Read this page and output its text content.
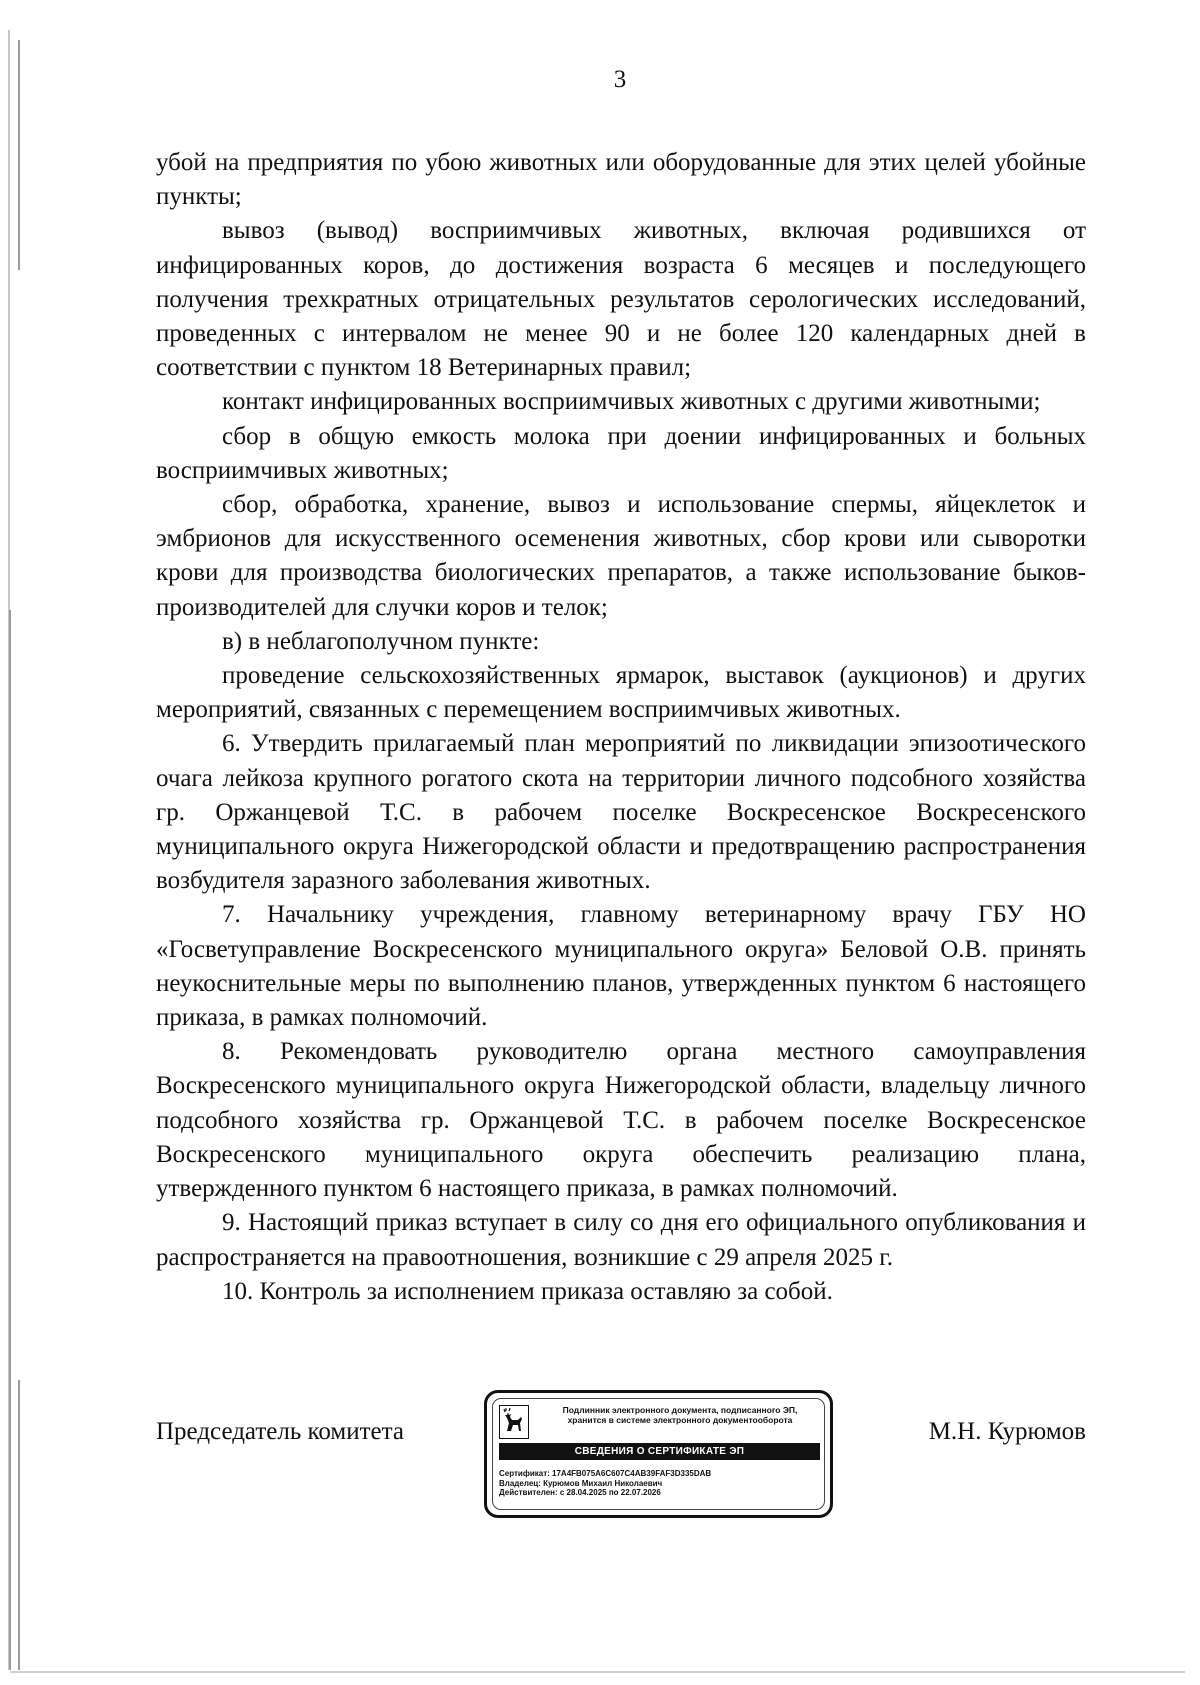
3

убой на предприятия по убою животных или оборудованные для этих целей убойные пункты;

вывоз (вывод) восприимчивых животных, включая родившихся от инфицированных коров, до достижения возраста 6 месяцев и последующего получения трехкратных отрицательных результатов серологических исследований, проведенных с интервалом не менее 90 и не более 120 календарных дней в соответствии с пунктом 18 Ветеринарных правил;

контакт инфицированных восприимчивых животных с другими животными;

сбор в общую емкость молока при доении инфицированных и больных восприимчивых животных;

сбор, обработка, хранение, вывоз и использование спермы, яйцеклеток и эмбрионов для искусственного осеменения животных, сбор крови или сыворотки крови для производства биологических препаратов, а также использование быков-производителей для случки коров и телок;

в) в неблагополучном пункте:

проведение сельскохозяйственных ярмарок, выставок (аукционов) и других мероприятий, связанных с перемещением восприимчивых животных.

6. Утвердить прилагаемый план мероприятий по ликвидации эпизоотического очага лейкоза крупного рогатого скота на территории личного подсобного хозяйства гр. Оржанцевой Т.С. в рабочем поселке Воскресенское Воскресенского муниципального округа Нижегородской области и предотвращению распространения возбудителя заразного заболевания животных.

7. Начальнику учреждения, главному ветеринарному врачу ГБУ НО «Госветуправление Воскресенского муниципального округа» Беловой О.В. принять неукоснительные меры по выполнению планов, утвержденных пунктом 6 настоящего приказа, в рамках полномочий.

8. Рекомендовать руководителю органа местного самоуправления Воскресенского муниципального округа Нижегородской области, владельцу личного подсобного хозяйства гр. Оржанцевой Т.С. в рабочем поселке Воскресенское Воскресенского муниципального округа обеспечить реализацию плана, утвержденного пунктом 6 настоящего приказа, в рамках полномочий.

9. Настоящий приказ вступает в силу со дня его официального опубликования и распространяется на правоотношения, возникшие с 29 апреля 2025 г.

10. Контроль за исполнением приказа оставляю за собой.

Председатель комитета
Подлинник электронного документа, подписанного ЭП,
хранится в системе электронного документооборота
СВЕДЕНИЯ О СЕРТИФИКАТЕ ЭП
Сертификат: 17A4FB075A6C607C4AB39FAF3D335DAB
Владелец: Курюмов Михаил Николаевич
Действителен: с 28.04.2025 по 22.07.2026
М.Н. Курюмов
